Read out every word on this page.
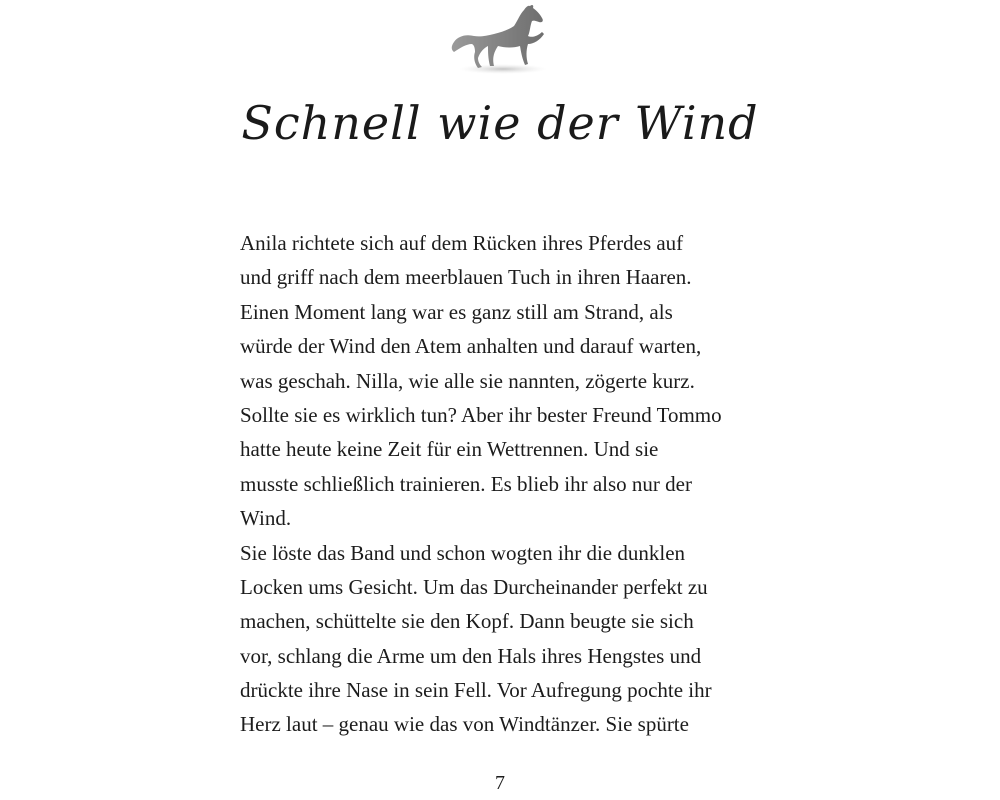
Schnell wie der Wind
Anila richtete sich auf dem Rücken ihres Pferdes auf
und griff nach dem meerblauen Tuch in ihren Haaren.
Einen Moment lang war es ganz still am Strand, als
würde der Wind den Atem anhalten und darauf warten,
was geschah. Nilla, wie alle sie nannten, zögerte kurz.
Sollte sie es wirklich tun? Aber ihr bester Freund Tommo
hatte heute keine Zeit für ein Wettrennen. Und sie
musste schließlich trainieren. Es blieb ihr also nur der
Wind.
Sie löste das Band und schon wogten ihr die dunklen
Locken ums Gesicht. Um das Durcheinander perfekt zu
machen, schüttelte sie den Kopf. Dann beugte sie sich
vor, schlang die Arme um den Hals ihres Hengstes und
drückte ihre Nase in sein Fell. Vor Aufregung pochte ihr
Herz laut – genau wie das von Windtänzer. Sie spürte
7
